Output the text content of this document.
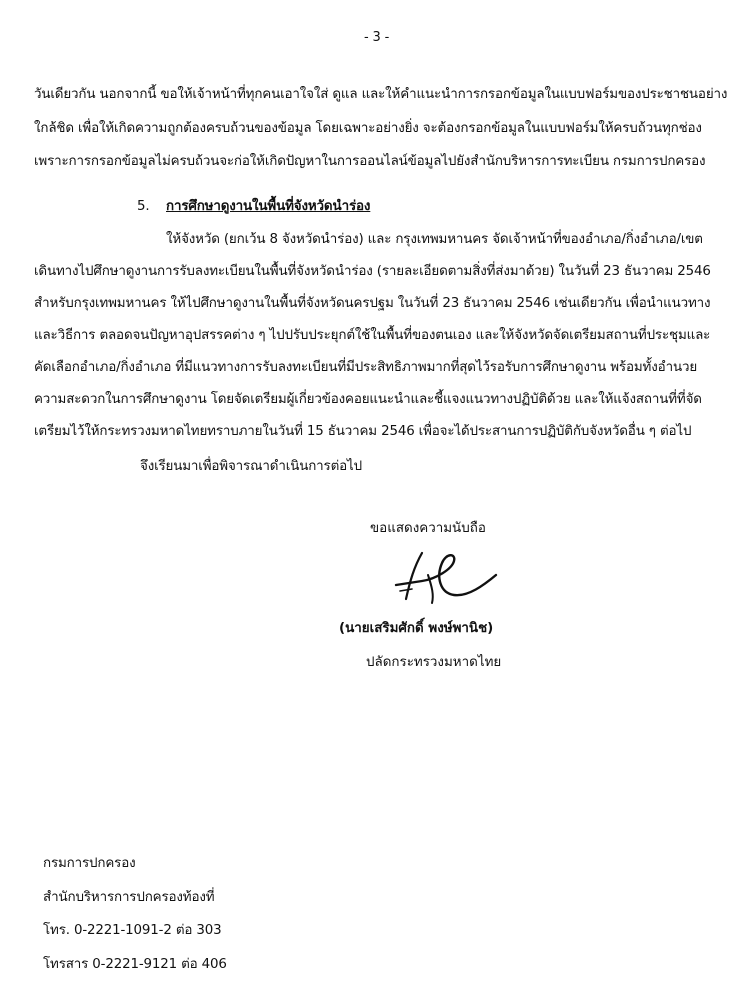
- 3 -
วันเดียวกัน นอกจากนี้ ขอให้เจ้าหน้าที่ทุกคนเอาใจใส่ ดูแล และให้คำแนะนำการกรอกข้อมูลในแบบฟอร์มของประชาชนอย่าง
ใกล้ชิด เพื่อให้เกิดความถูกต้องครบถ้วนของข้อมูล โดยเฉพาะอย่างยิ่ง จะต้องกรอกข้อมูลในแบบฟอร์มให้ครบถ้วนทุกช่อง
เพราะการกรอกข้อมูลไม่ครบถ้วนจะก่อให้เกิดปัญหาในการออนไลน์ข้อมูลไปยังสำนักบริหารการทะเบียน กรมการปกครอง
5. การศึกษาดูงานในพื้นที่จังหวัดนำร่อง
ให้จังหวัด (ยกเว้น 8 จังหวัดนำร่อง) และ กรุงเทพมหานคร จัดเจ้าหน้าที่ของอำเภอ/กิ่งอำเภอ/เขต
เดินทางไปศึกษาดูงานการรับลงทะเบียนในพื้นที่จังหวัดนำร่อง (รายละเอียดตามสิ่งที่ส่งมาด้วย) ในวันที่ 23 ธันวาคม 2546
สำหรับกรุงเทพมหานคร ให้ไปศึกษาดูงานในพื้นที่จังหวัดนครปฐม ในวันที่ 23 ธันวาคม 2546 เช่นเดียวกัน เพื่อนำแนวทาง
และวิธีการ ตลอดจนปัญหาอุปสรรคต่าง ๆ ไปปรับประยุกต์ใช้ในพื้นที่ของตนเอง และให้จังหวัดจัดเตรียมสถานที่ประชุมและ
คัดเลือกอำเภอ/กิ่งอำเภอ ที่มีแนวทางการรับลงทะเบียนที่มีประสิทธิภาพมากที่สุดไว้รอรับการศึกษาดูงาน พร้อมทั้งอำนวย
ความสะดวกในการศึกษาดูงาน โดยจัดเตรียมผู้เกี่ยวข้องคอยแนะนำและชี้แจงแนวทางปฏิบัติด้วย และให้แจ้งสถานที่ที่จัด
เตรียมไว้ให้กระทรวงมหาดไทยทราบภายในวันที่ 15 ธันวาคม 2546 เพื่อจะได้ประสานการปฏิบัติกับจังหวัดอื่น ๆ ต่อไป
จึงเรียนมาเพื่อพิจารณาดำเนินการต่อไป
ขอแสดงความนับถือ
(นายเสริมศักดิ์ พงษ์พานิช)
ปลัดกระทรวงมหาดไทย
กรมการปกครอง
สำนักบริหารการปกครองท้องที่
โทร. 0-2221-1091-2 ต่อ 303
โทรสาร 0-2221-9121 ต่อ 406
